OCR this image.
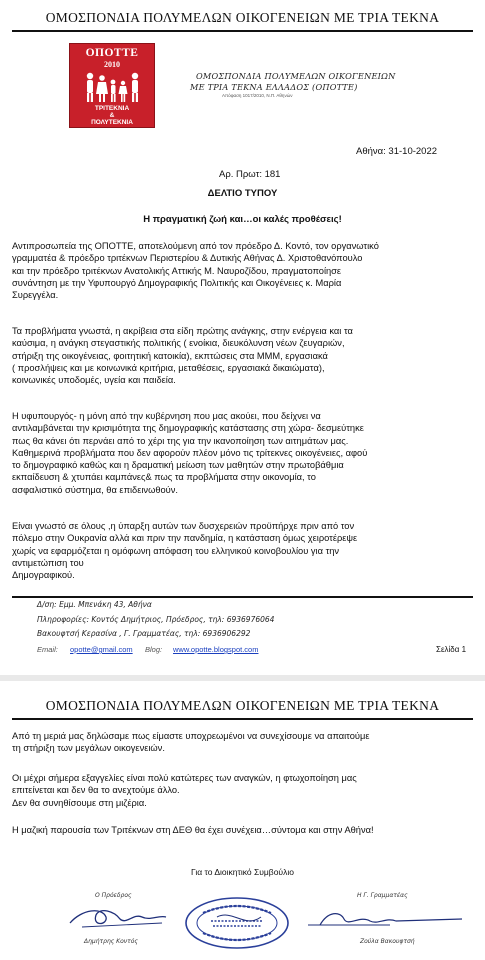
ΟΜΟΣΠΟΝΔΙΑ ΠΟΛΥΜΕΛΩΝ ΟΙΚΟΓΕΝΕΙΩΝ ΜΕ ΤΡΙΑ ΤΕΚΝΑ
ΟΠΟΤΤΕ
2010
ΤΡΙΤΕΚΝΙΑ
&
ΠΟΛΥΤΕΚΝΙΑ
ΟΜΟΣΠΟΝΔΙΑ ΠΟΛΥΜΕΛΩΝ ΟΙΚΟΓΕΝΕΙΩΝ
ΜΕ ΤΡΙΑ ΤΕΚΝΑ ΕΛΛΑΔΟΣ (ΟΠΟΤΤΕ)
Απόφαση 1017/2010, Ν.Π. Αθηνών
Αθήνα: 31-10-2022
Αρ. Πρωτ: 181
ΔΕΛΤΙΟ ΤΥΠΟΥ
Η πραγματική ζωή και…οι καλές προθέσεις!
Αντιπροσωπεία της ΟΠΟΤΤΕ, αποτελούμενη από τον πρόεδρο Δ. Κοντό, τον οργανωτικό
γραμματέα & πρόεδρο τριτέκνων Περιστερίου & Δυτικής Αθήνας Δ. Χριστοθανόπουλο
και την πρόεδρο τριτέκνων Ανατολικής Αττικής Μ. Ναυροζίδου, πραγματοποίησε
συνάντηση με την Υφυπουργό Δημογραφικής Πολιτικής και Οικογένειες κ. Μαρία
Συρεγγέλα.
Τα προβλήματα γνωστά, η ακρίβεια στα είδη πρώτης ανάγκης, στην ενέργεια και τα
καύσιμα, η ανάγκη στεγαστικής πολιτικής ( ενοίκια, διευκόλυνση νέων ζευγαριών,
στήριξη της οικογένειας, φοιτητική κατοικία), εκπτώσεις στα ΜΜΜ, εργασιακά
( προσλήψεις και με κοινωνικά κριτήρια, μεταθέσεις, εργασιακά δικαιώματα),
κοινωνικές υποδομές, υγεία και παιδεία.
Η υφυπουργός- η μόνη από την κυβέρνηση που μας ακούει, που δείχνει να
αντιλαμβάνεται την κρισιμότητα της δημογραφικής κατάστασης στη χώρα- δεσμεύτηκε
πως θα κάνει ότι περνάει από το χέρι της για την ικανοποίηση των αιτημάτων μας.
Καθημερινά προβλήματα που δεν αφορούν πλέον μόνο τις τρίτεκνες οικογένειες, αφού
το δημογραφικό καθώς και η δραματική μείωση των μαθητών στην πρωτοβάθμια
εκπαίδευση & χτυπάει καμπάνες& πως τα προβλήματα στην οικονομία, το
ασφαλιστικό σύστημα, θα επιδεινωθούν.
Είναι γνωστό σε όλους ,η ύπαρξη αυτών των δυσχερειών προϋπήρχε πριν από τον
πόλεμο στην Ουκρανία αλλά και πριν την πανδημία, η κατάσταση όμως χειροτέρεψε
χωρίς να εφαρμόζεται η ομόφωνη απόφαση του ελληνικού κοινοβουλίου για την
αντιμετώπιση του
Δημογραφικού.
Δ/ση: Εμμ. Μπενάκη 43, Αθήνα
Πληροφορίες: Κοντός Δημήτριος, Πρόεδρος, τηλ: 6936976064
Βακουφτσή Κερασίνα , Γ. Γραμματέας, τηλ: 6936906292
Email: opotte@gmail.com Blog: www.opotte.blogspot.com	Σελίδα 1
ΟΜΟΣΠΟΝΔΙΑ ΠΟΛΥΜΕΛΩΝ ΟΙΚΟΓΕΝΕΙΩΝ ΜΕ ΤΡΙΑ ΤΕΚΝΑ
Από τη μεριά μας δηλώσαμε πως είμαστε υποχρεωμένοι να συνεχίσουμε να απαιτούμε
τη στήριξη των μεγάλων οικογενειών.
Οι μέχρι σήμερα εξαγγελίες είναι πολύ κατώτερες των αναγκών, η φτωχοποίηση μας
επιτείνεται και δεν θα το ανεχτούμε άλλο.
Δεν θα συνηθίσουμε στη μιζέρια.
Η μαζική παρουσία των Τριτέκνων στη ΔΕΘ θα έχει συνέχεια…σύντομα και στην Αθήνα!
Για το Διοικητικό Συμβούλιο
Ο Πρόεδρος
Δημήτρης Κοντός
Η Γ. Γραμματέας
Ζούλα Βακουφτσή
